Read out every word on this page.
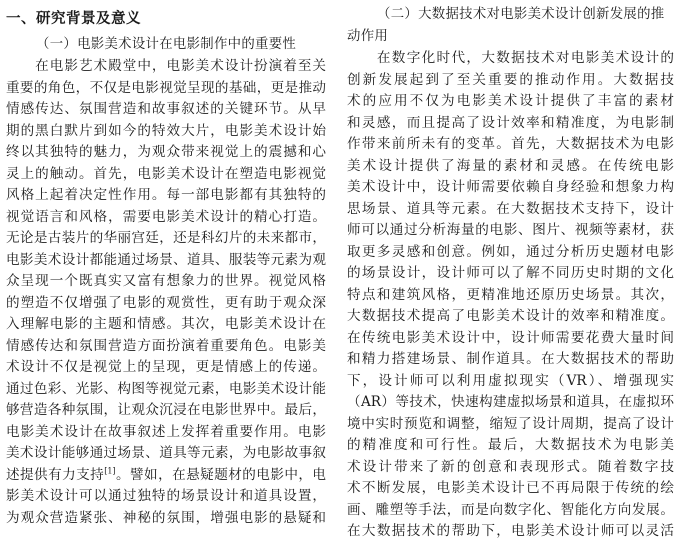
一、研究背景及意义
（一）电影美术设计在电影制作中的重要性
　　在电影艺术殿堂中，电影美术设计扮演着至关
重要的角色，不仅是电影视觉呈现的基础，更是推动
情感传达、氛围营造和故事叙述的关键环节。从早
期的黑白默片到如今的特效大片，电影美术设计始
终以其独特的魅力，为观众带来视觉上的震撼和心
灵上的触动。首先，电影美术设计在塑造电影视觉
风格上起着决定性作用。每一部电影都有其独特的
视觉语言和风格，需要电影美术设计的精心打造。
无论是古装片的华丽宫廷，还是科幻片的未来都市，
电影美术设计都能通过场景、道具、服装等元素为观
众呈现一个既真实又富有想象力的世界。视觉风格
的塑造不仅增强了电影的观赏性，更有助于观众深
入理解电影的主题和情感。其次，电影美术设计在
情感传达和氛围营造方面扮演着重要角色。电影美
术设计不仅是视觉上的呈现，更是情感上的传递。
通过色彩、光影、构图等视觉元素，电影美术设计能
够营造各种氛围，让观众沉浸在电影世界中。最后，
电影美术设计在故事叙述上发挥着重要作用。电影
美术设计能够通过场景、道具等元素，为电影故事叙
述提供有力支持[1]。譬如，在悬疑题材的电影中，电
影美术设计可以通过独特的场景设计和道具设置，
为观众营造紧张、神秘的氛围，增强电影的悬疑和
（二）大数据技术对电影美术设计创新发展的推
动作用
　　在数字化时代，大数据技术对电影美术设计的
创新发展起到了至关重要的推动作用。大数据技
术的应用不仅为电影美术设计提供了丰富的素材
和灵感，而且提高了设计效率和精准度，为电影制
作带来前所未有的变革。首先，大数据技术为电影
美术设计提供了海量的素材和灵感。在传统电影
美术设计中，设计师需要依赖自身经验和想象力构
思场景、道具等元素。在大数据技术支持下，设计
师可以通过分析海量的电影、图片、视频等素材，获
取更多灵感和创意。例如，通过分析历史题材电影
的场景设计，设计师可以了解不同历史时期的文化
特点和建筑风格，更精准地还原历史场景。其次，
大数据技术提高了电影美术设计的效率和精准度。
在传统电影美术设计中，设计师需要花费大量时间
和精力搭建场景、制作道具。在大数据技术的帮助
下，设计师可以利用虚拟现实（VR）、增强现实
（AR）等技术，快速构建虚拟场景和道具，在虚拟环
境中实时预览和调整，缩短了设计周期，提高了设计
的精准度和可行性。最后，大数据技术为电影美
术设计带来了新的创意和表现形式。随着数字技
术不断发展，电影美术设计已不再局限于传统的绘
画、雕塑等手法，而是向数字化、智能化方向发展。
在大数据技术的帮助下，电影美术设计师可以灵活
